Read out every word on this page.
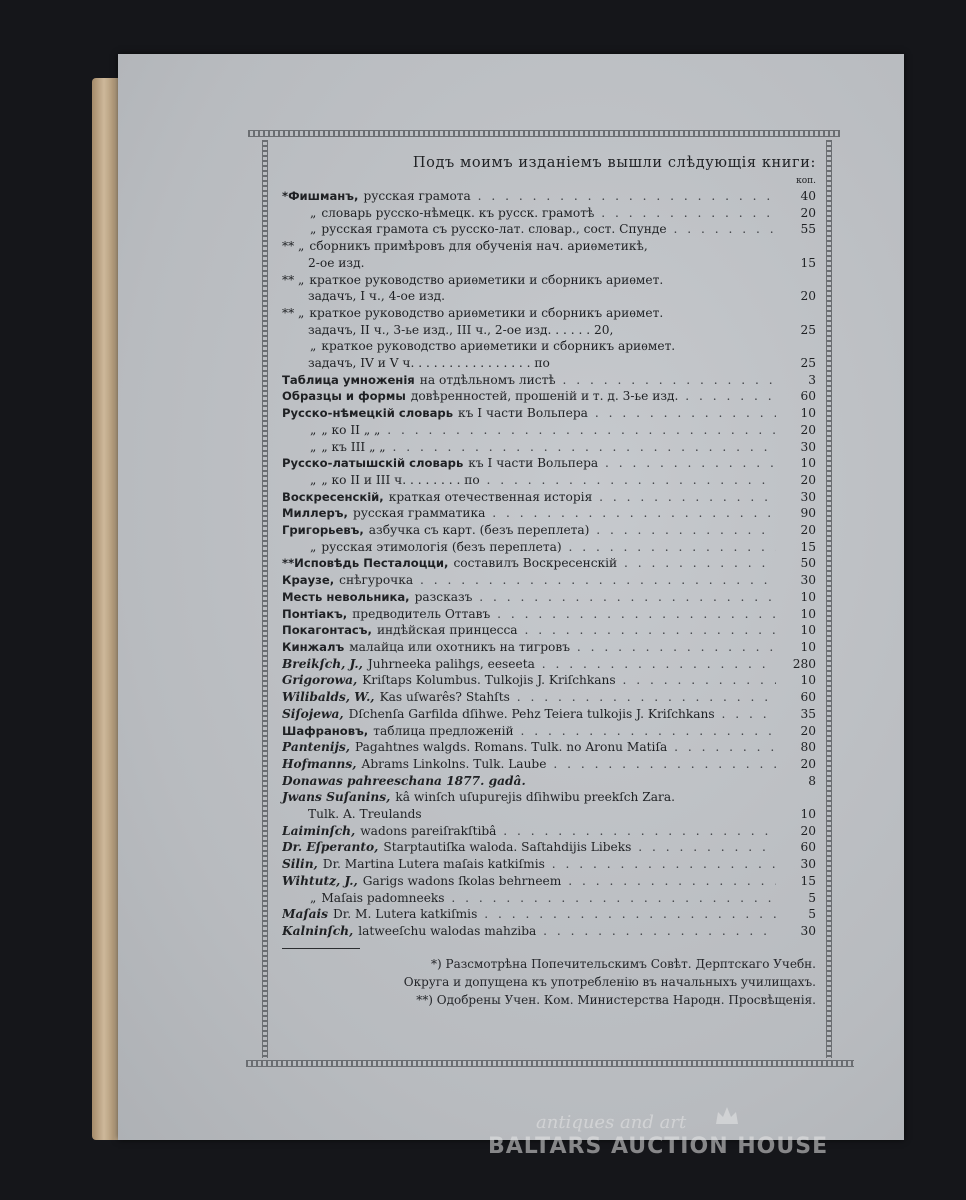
Подъ моимъ изданіемъ вышли слѣдующія книги:
коп.
*Фишманъ, русская грамота . . .	40
„ словарь русско-нѣмецк. къ русск. грамотѣ . . .	20
„ русская грамота съ русско-лат. словар., сост. Спунде . . .	55
** „ сборникъ примѣровъ для обученія нач. ариѳметикѣ,
2-ое изд.	15
** „ краткое руководство ариѳметики и сборникъ ариѳмет.
задачъ, I ч., 4-ое изд.	20
** „ краткое руководство ариѳметики и сборникъ ариѳмет.
задачъ, II ч., 3-ье изд., III ч., 2-ое изд. . . . . . 20,	25
„ краткое руководство ариѳметики и сборникъ ариѳмет.
задачъ, IV и V ч. . . . . . . . . . . . . . . . по	25
Таблица умноженія на отдѣльномъ листѣ . . .	3
Образцы и формы довѣренностей, прошеній и т. д. 3-ье изд. . . .	60
Русско-нѣмецкій словарь къ I части Вольпера . . .	10
„ „ ко II „ „ . . .	20
„ „ къ III „ „ . . .	30
Русско-латышскій словарь къ I части Вольпера . . .	10
„ „ ко II и III ч. . . . . . . . по . . .	20
Воскресенскій, краткая отечественная исторія . . .	30
Миллеръ, русская грамматика . . .	90
Григорьевъ, азбучка съ карт. (безъ переплета) . . .	20
„ русская этимологія (безъ переплета) . . .	15
**Исповѣдь Песталоцци, составилъ Воскресенскій . . .	50
Краузе, снѣгурочка . . .	30
Месть невольника, разсказъ . . .	10
Понтіакъ, предводитель Оттавъ . . .	10
Покагонтасъ, индѣйская принцесса . . .	10
Кинжалъ малайца или охотникъ на тигровъ . . .	10
Breikſch, J., Juhrneeka palihgs, eeseeta . . .	280
Grigorowa, Kriſtaps Kolumbus. Tulkojis J. Kriſchkans . . .	10
Wilibalds, W., Kas uſwarês? Stahſts . . .	60
Siſojewa, Dſchenſa Garfilda dſihwe. Pehz Teiera tulkojis J. Kriſchkans . . .	35
Шафрановъ, таблица предложеній . . .	20
Pantenijs, Pagahtnes walgds. Romans. Tulk. no Aronu Matiſa . . .	80
Hofmanns, Abrams Linkolns. Tulk. Laube . . .	20
Donawas pahreeschana 1877. gadâ.	8
Jwans Suſanins, kâ winſch uſupurejis dſihwibu preekſch Zara.
Tulk. A. Treulands	10
Laiminſch, wadons pareiſrakſtibâ . . .	20
Dr. Eſperanto, Starptautiſka waloda. Saſtahdijis Libeks . . .	60
Silin, Dr. Martina Lutera maſais katkiſmis . . .	30
Wihtutz, J., Garigs wadons ſkolas behrneem . . .	15
„ Maſais padomneeks . . .	5
Maſais Dr. M. Lutera katkiſmis . . .	5
Kalninſch, latweeſchu walodas mahziba . . .	30
*) Разсмотрѣна Попечительскимъ Совѣт. Дерптскаго Учебн.
Округа и допущена къ употребленію въ начальныхъ училищахъ.
**) Одобрены Учен. Ком. Министерства Народн. Просвѣщенія.
antiques and art
BALTARS AUCTION HOUSE
